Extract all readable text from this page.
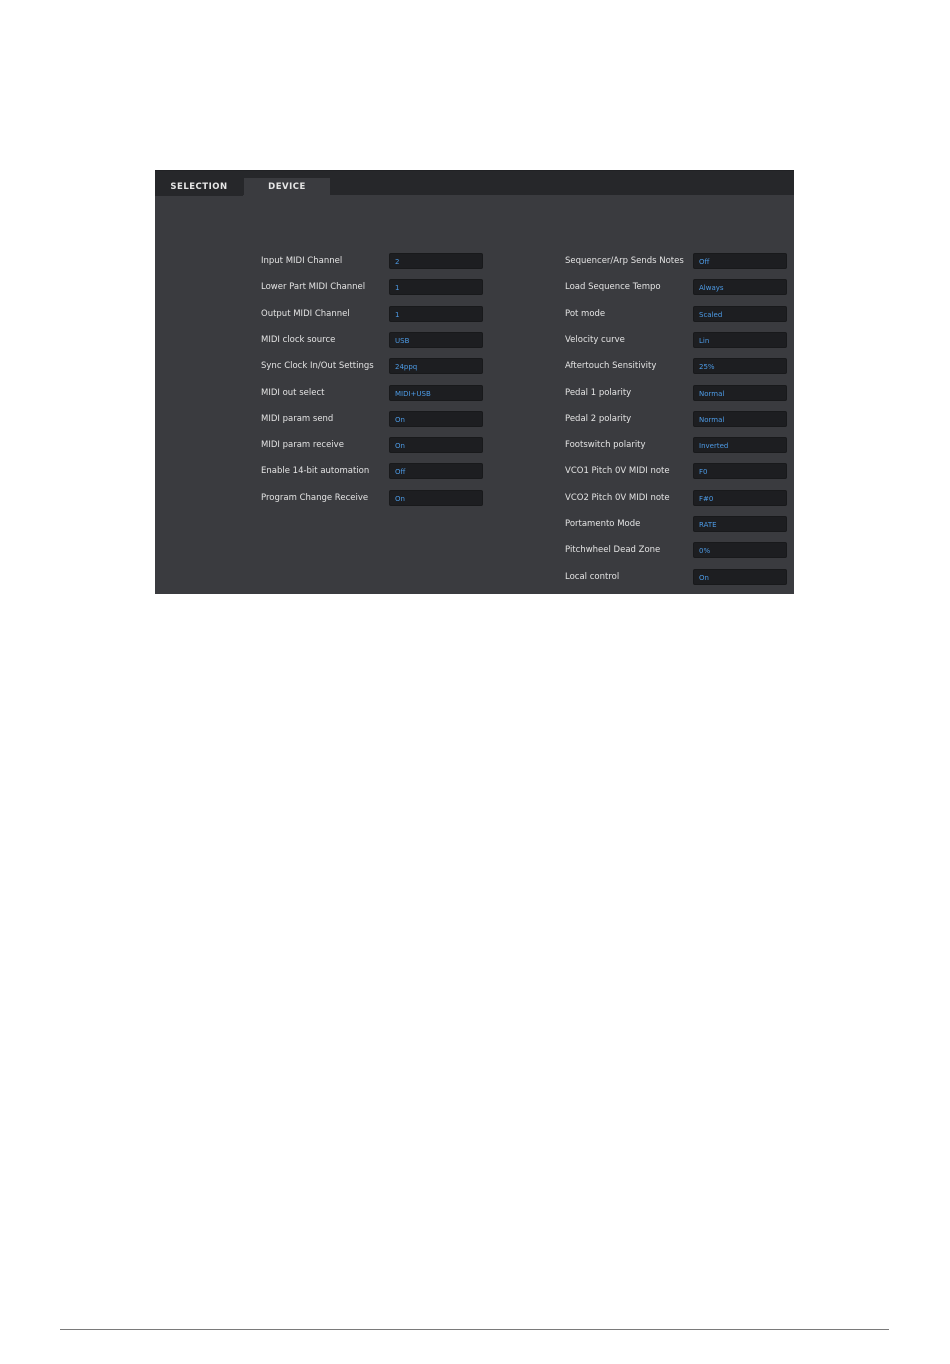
SELECTION	DEVICE
Input MIDI Channel	2
Lower Part MIDI Channel	1
Output MIDI Channel	1
MIDI clock source	USB
Sync Clock In/Out Settings	24ppq
MIDI out select	MIDI+USB
MIDI param send	On
MIDI param receive	On
Enable 14-bit automation	Off
Program Change Receive	On
Sequencer/Arp Sends Notes Off
Load Sequence Tempo	Always
Pot mode	Scaled
Velocity curve	Lin
Aftertouch Sensitivity	25%
Pedal 1 polarity	Normal
Pedal 2 polarity	Normal
Footswitch polarity	Inverted
VCO1 Pitch 0V MIDI note	F0
VCO2 Pitch 0V MIDI note	F#0
Portamento Mode	RATE
Pitchwheel Dead Zone	0%
Local control	On
